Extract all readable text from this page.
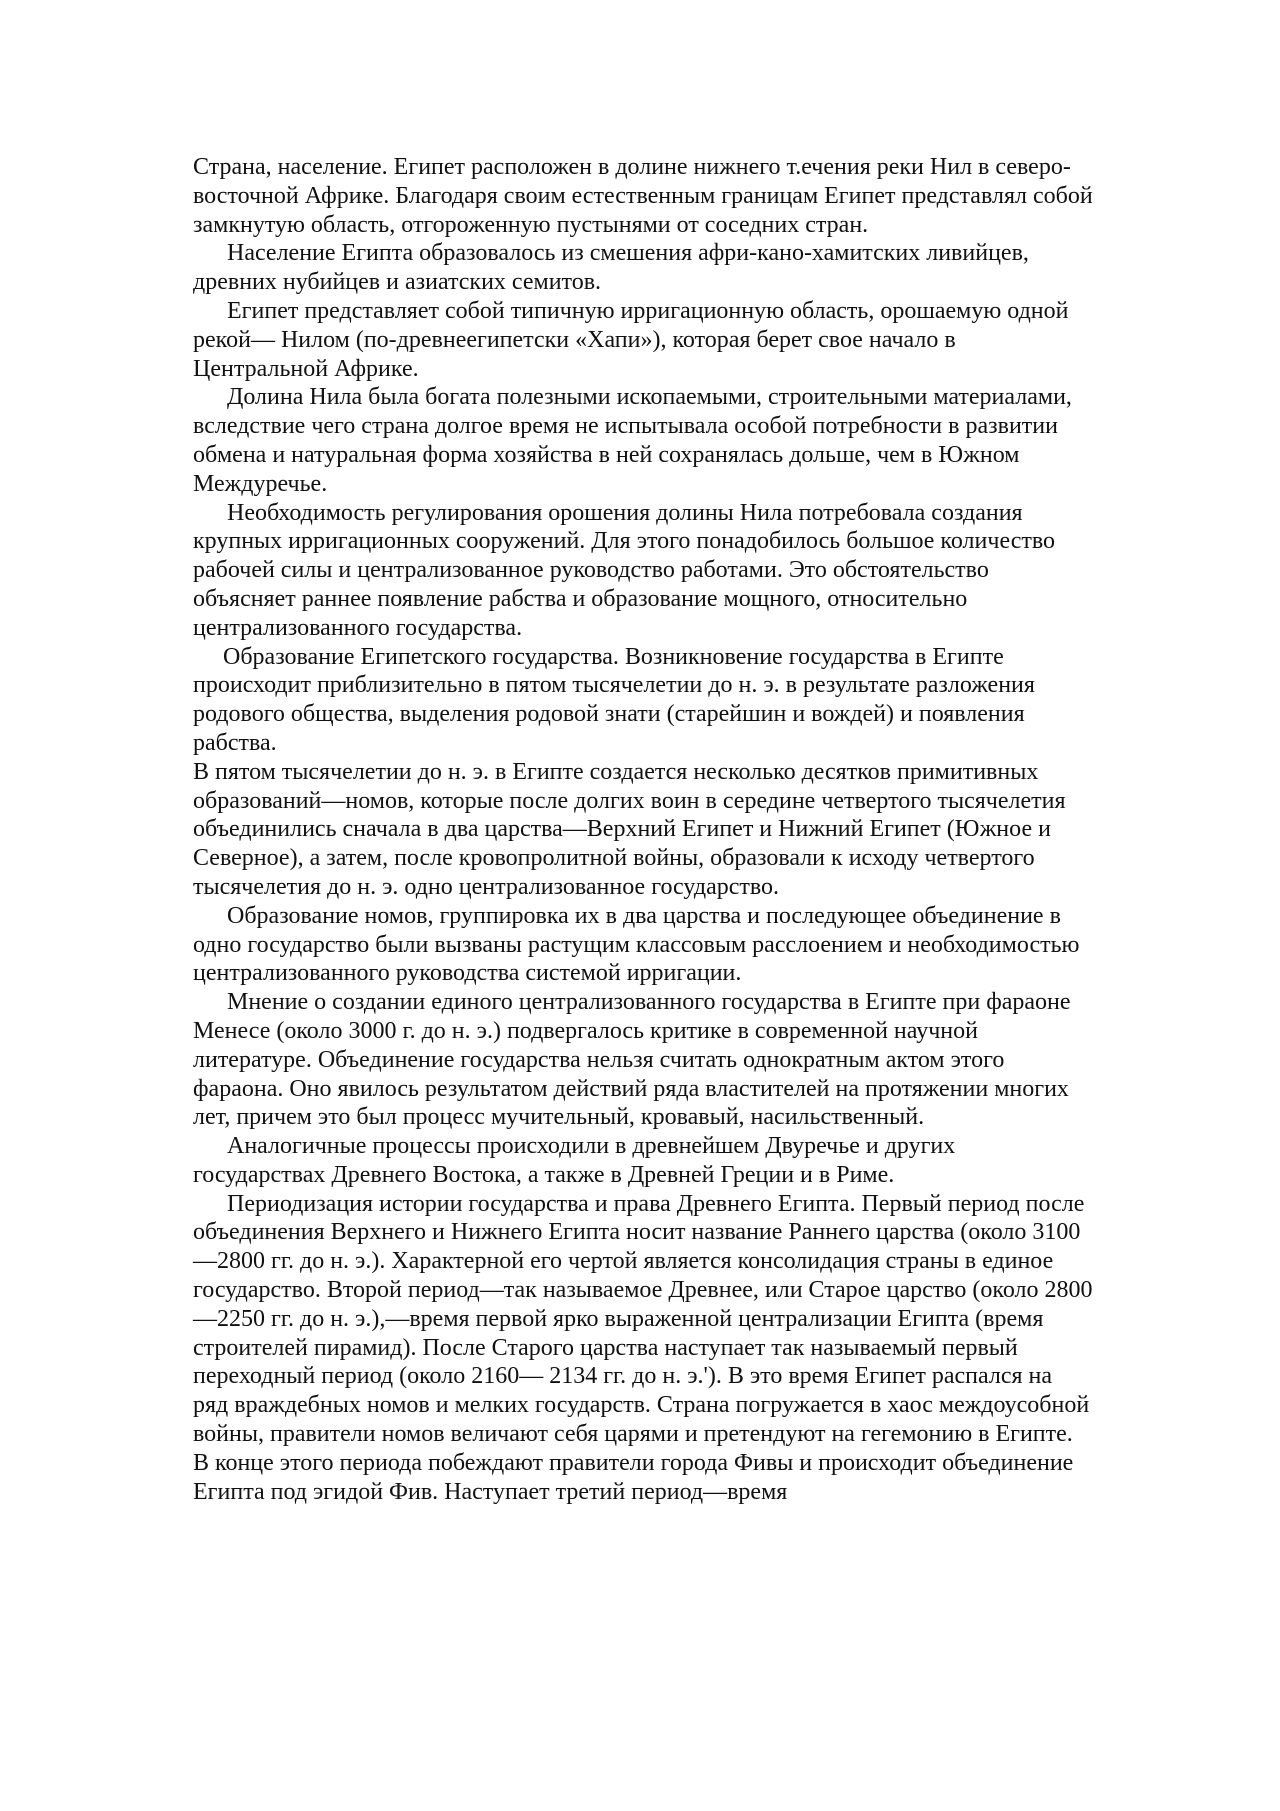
Страна, население. Египет расположен в долине нижнего т.ечения реки Нил в северо-восточной Африке. Благодаря своим естественным границам Египет представлял собой замкнутую область, отгороженную пустынями от соседних стран.

Население Египта образовалось из смешения афри-кано-хамитских ливийцев, древних нубийцев и азиатских семитов.

Египет представляет собой типичную ирригационную область, орошаемую одной рекой— Нилом (по-древнеегипетски «Хапи»), которая берет свое начало в Центральной Африке.

Долина Нила была богата полезными ископаемыми, строительными материалами, вследствие чего страна долгое время не испытывала особой потребности в развитии обмена и натуральная форма хозяйства в ней сохранялась дольше, чем в Южном Междуречье.

Необходимость регулирования орошения долины Нила потребовала создания крупных ирригационных сооружений. Для этого понадобилось большое количество рабочей силы и централизованное руководство работами. Это обстоятельство объясняет раннее появление рабства и образование мощного, относительно централизованного государства.

Образование Египетского государства. Возникновение государства в Египте происходит приблизительно в пятом тысячелетии до н. э. в результате разложения родового общества, выделения родовой знати (старейшин и вождей) и появления рабства.

В пятом тысячелетии до н. э. в Египте создается несколько десятков примитивных образований—номов, которые после долгих воин в середине четвертого тысячелетия объединились сначала в два царства—Верхний Египет и Нижний Египет (Южное и Северное), а затем, после кровопролитной войны, образовали к исходу четвертого тысячелетия до н. э. одно централизованное государство.

Образование номов, группировка их в два царства и последующее объединение в одно государство были вызваны растущим классовым расслоением и необходимостью централизованного руководства системой ирригации.

Мнение о создании единого централизованного государства в Египте при фараоне Менесе (около 3000 г. до н. э.) подвергалось критике в современной научной литературе. Объединение государства нельзя считать однократным актом этого фараона. Оно явилось результатом действий ряда властителей на протяжении многих лет, причем это был процесс мучительный, кровавый, насильственный.

Аналогичные процессы происходили в древнейшем Двуречье и других государствах Древнего Востока, а также в Древней Греции и в Риме.

Периодизация истории государства и права Древнего Египта. Первый период после объединения Верхнего и Нижнего Египта носит название Раннего царства (около 3100—2800 гг. до н. э.). Характерной его чертой является консолидация страны в единое государство. Второй период—так называемое Древнее, или Старое царство (около 2800—2250 гг. до н. э.),—время первой ярко выраженной централизации Египта (время строителей пирамид). После Старого царства наступает так называемый первый переходный период (около 2160— 2134 гг. до н. э.'). В это время Египет распался на ряд враждебных номов и мелких государств. Страна погружается в хаос междоусобной войны, правители номов величают себя царями и претендуют на гегемонию в Египте.

В конце этого периода побеждают правители города Фивы и происходит объединение Египта под эгидой Фив. Наступает третий период—время
